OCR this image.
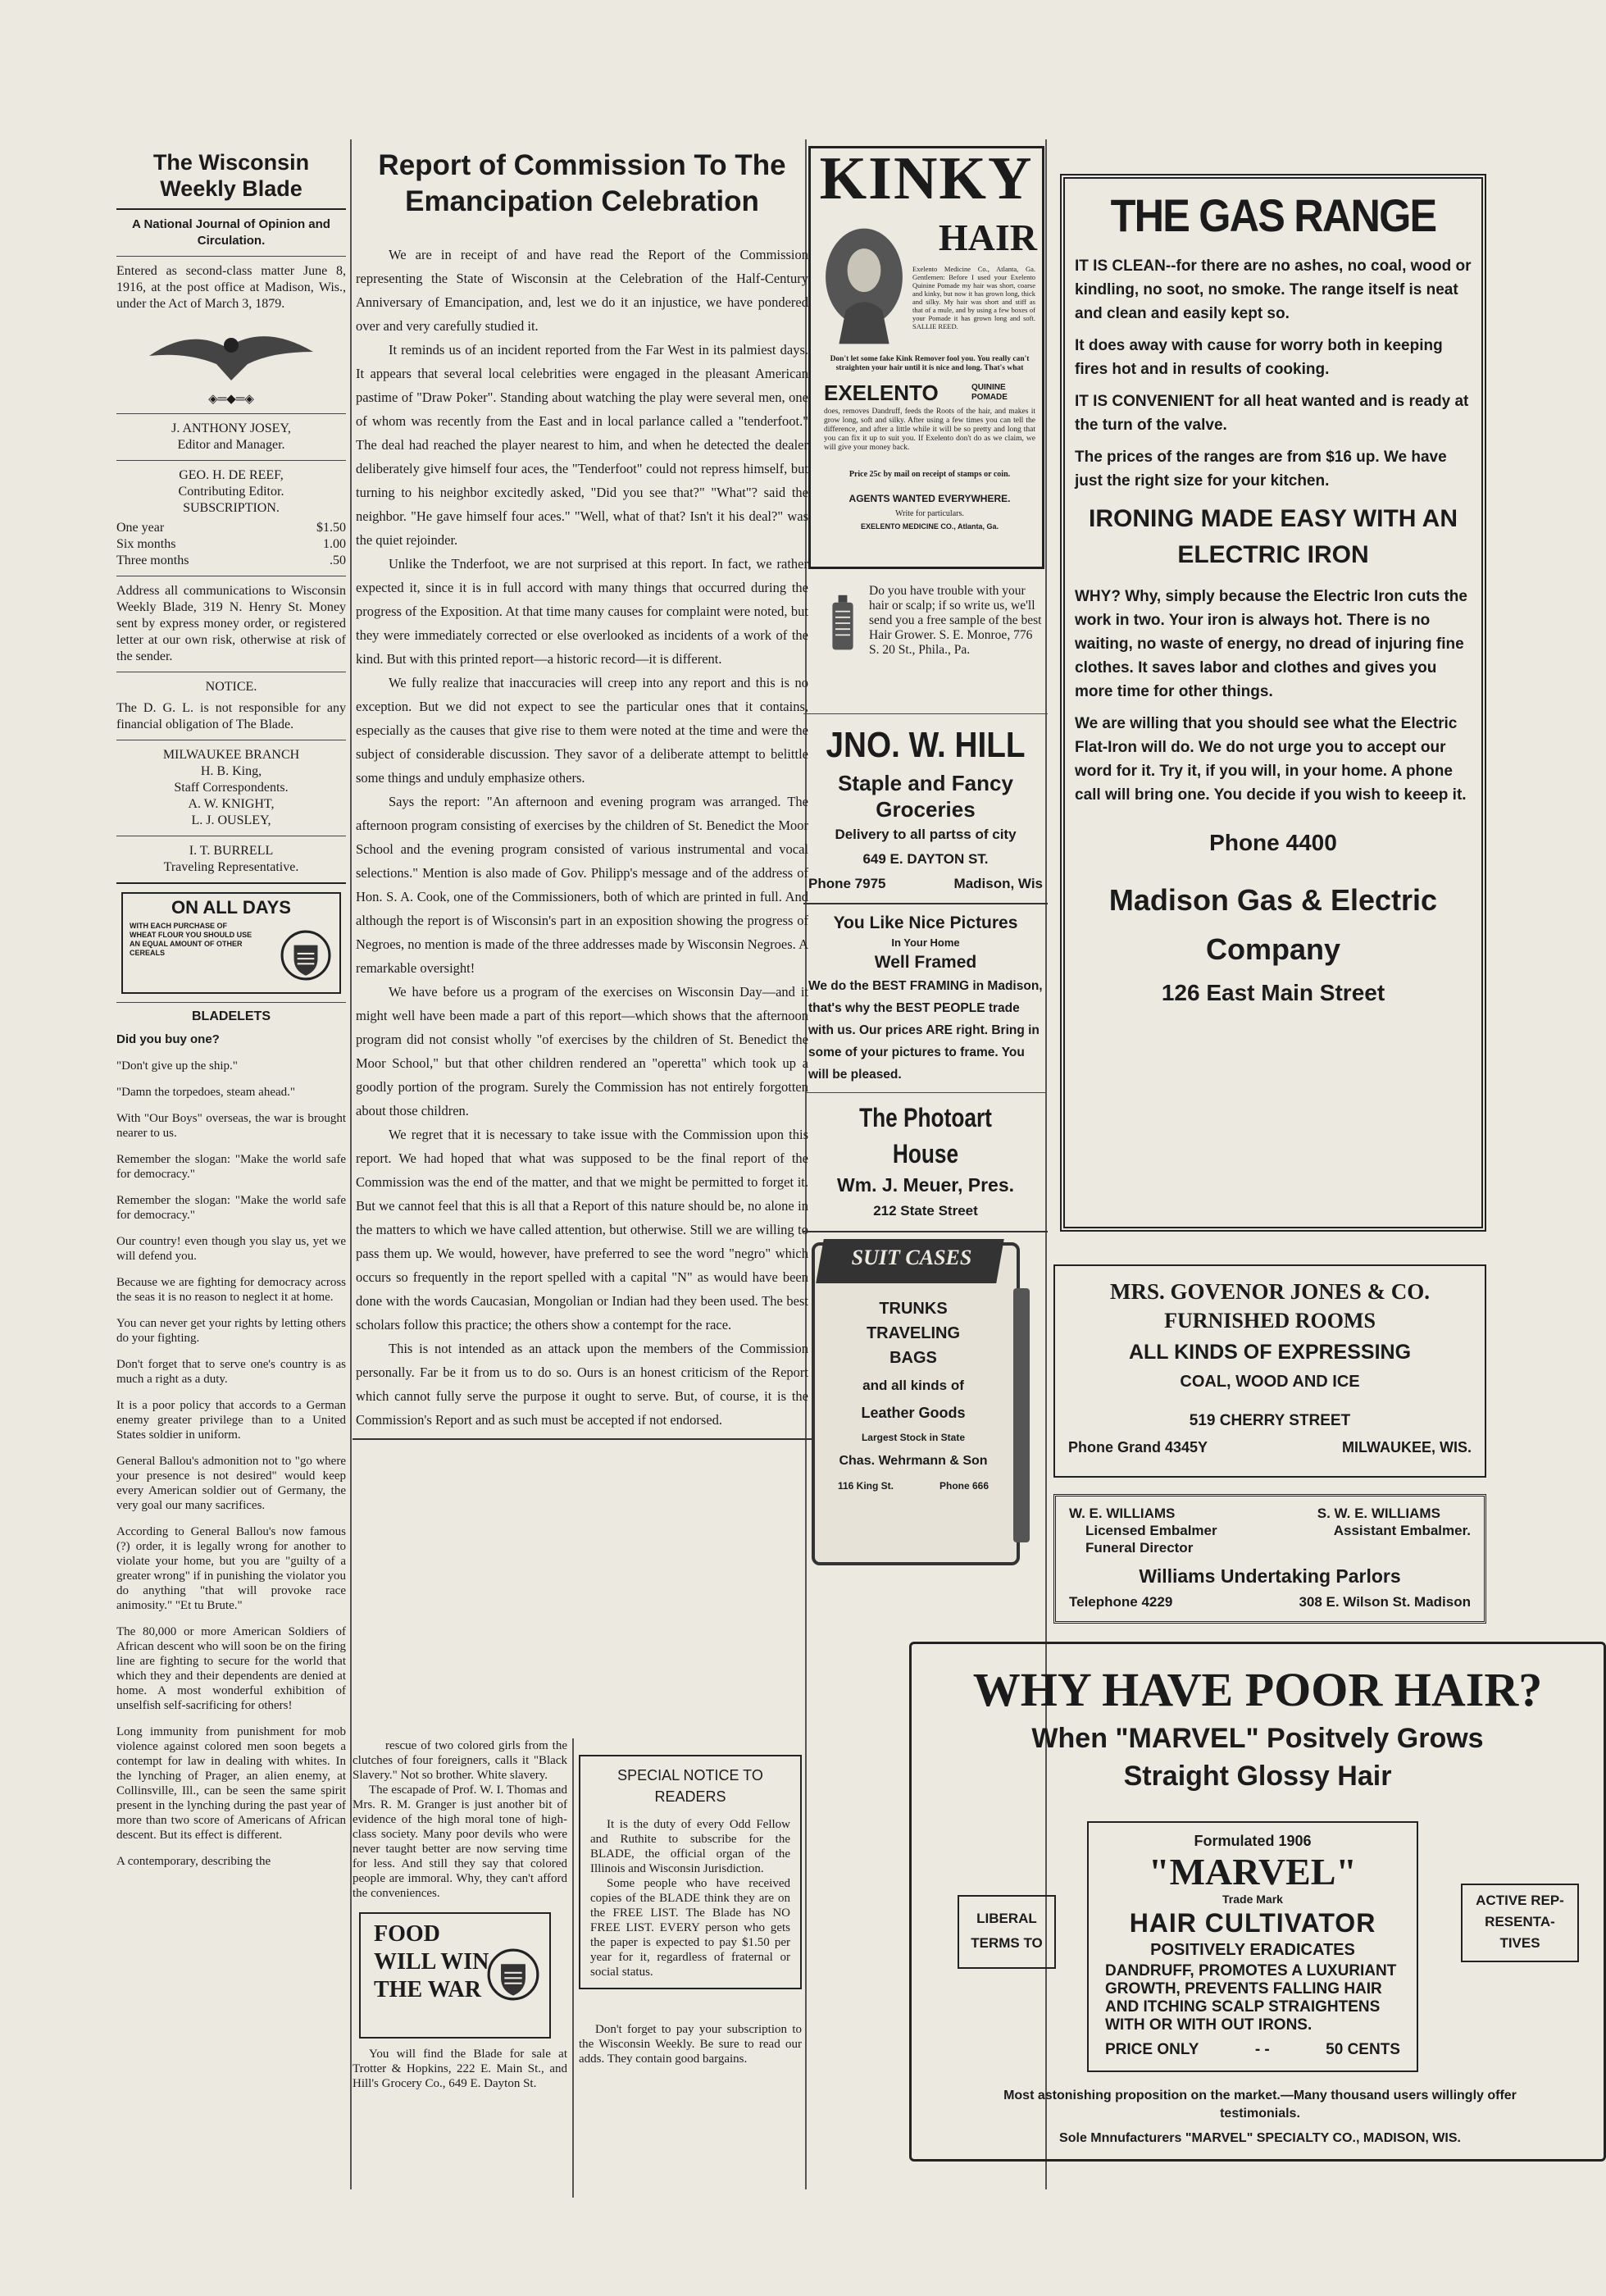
The Wisconsin Weekly Blade
A National Journal of Opinion and Circulation.
Entered as second-class matter June 8, 1916, at the post office at Madison, Wis., under the Act of March 3, 1879.
◈═◆═◈
J. ANTHONY JOSEY,
Editor and Manager.
GEO. H. DE REEF,
Contributing Editor.
SUBSCRIPTION.
One year	$1.50
Six months	1.00
Three months	.50
Address all communications to Wisconsin Weekly Blade, 319 N. Henry St. Money sent by express money order, or registered letter at our own risk, otherwise at risk of the sender.
NOTICE.
The D. G. L. is not responsible for any financial obligation of The Blade.
MILWAUKEE BRANCH
H. B. King,
Staff Correspondents.
A. W. KNIGHT,
L. J. OUSLEY,
I. T. BURRELL
Traveling Representative.
ON ALL DAYS
WITH EACH PURCHASE OF WHEAT FLOUR YOU SHOULD USE AN EQUAL AMOUNT OF OTHER CEREALS
BLADELETS

Did you buy one?

"Don't give up the ship."

"Damn the torpedoes, steam ahead."

With "Our Boys" overseas, the war is brought nearer to us.

Remember the slogan: "Make the world safe for democracy."

Remember the slogan: "Make the world safe for democracy."

Our country! even though you slay us, yet we will defend you.

Because we are fighting for democracy across the seas it is no reason to neglect it at home.

You can never get your rights by letting others do your fighting.

Don't forget that to serve one's country is as much a right as a duty.

It is a poor policy that accords to a German enemy greater privilege than to a United States soldier in uniform.

General Ballou's admonition not to "go where your presence is not desired" would keep every American soldier out of Germany, the very goal our many sacrifices.

According to General Ballou's now famous (?) order, it is legally wrong for another to violate your home, but you are "guilty of a greater wrong" if in punishing the violator you do anything "that will provoke race animosity." "Et tu Brute."

The 80,000 or more American Soldiers of African descent who will soon be on the firing line are fighting to secure for the world that which they and their dependents are denied at home. A most wonderful exhibition of unselfish self-sacrificing for others!

Long immunity from punishment for mob violence against colored men soon begets a contempt for law in dealing with whites. In the lynching of Prager, an alien enemy, at Collinsville, Ill., can be seen the same spirit present in the lynching during the past year of more than two score of Americans of African descent. But its effect is different.

A contemporary, describing the

Report of Commission To The Emancipation Celebration

We are in receipt of and have read the Report of the Commission representing the State of Wisconsin at the Celebration of the Half-Century Anniversary of Emancipation, and, lest we do it an injustice, we have pondered over and very carefully studied it.

It reminds us of an incident reported from the Far West in its palmiest days. It appears that several local celebrities were engaged in the pleasant American pastime of "Draw Poker". Standing about watching the play were several men, one of whom was recently from the East and in local parlance called a "tenderfoot." The deal had reached the player nearest to him, and when he detected the dealer deliberately give himself four aces, the "Tenderfoot" could not repress himself, but turning to his neighbor excitedly asked, "Did you see that?" "What"? said the neighbor. "He gave himself four aces." "Well, what of that? Isn't it his deal?" was the quiet rejoinder.

Unlike the Tnderfoot, we are not surprised at this report. In fact, we rather expected it, since it is in full accord with many things that occurred during the progress of the Exposition. At that time many causes for complaint were noted, but they were immediately corrected or else overlooked as incidents of a work of the kind. But with this printed report—a historic record—it is different.

We fully realize that inaccuracies will creep into any report and this is no exception. But we did not expect to see the particular ones that it contains, especially as the causes that give rise to them were noted at the time and were the subject of considerable discussion. They savor of a deliberate attempt to belittle some things and unduly emphasize others.

Says the report: "An afternoon and evening program was arranged. The afternoon program consisting of exercises by the children of St. Benedict the Moor School and the evening program consisted of various instrumental and vocal selections." Mention is also made of Gov. Philipp's message and of the address of Hon. S. A. Cook, one of the Commissioners, both of which are printed in full. And although the report is of Wisconsin's part in an exposition showing the progress of Negroes, no mention is made of the three addresses made by Wisconsin Negroes. A remarkable oversight!

We have before us a program of the exercises on Wisconsin Day—and it might well have been made a part of this report—which shows that the afternoon program did not consist wholly "of exercises by the children of St. Benedict the Moor School," but that other children rendered an "operetta" which took up a goodly portion of the program. Surely the Commission has not entirely forgotten about those children.

We regret that it is necessary to take issue with the Commission upon this report. We had hoped that what was supposed to be the final report of the Commission was the end of the matter, and that we might be permitted to forget it. But we cannot feel that this is all that a Report of this nature should be, no alone in the matters to which we have called attention, but otherwise. Still we are willing to pass them up. We would, however, have preferred to see the word "negro" which occurs so frequently in the report spelled with a capital "N" as would have been done with the words Caucasian, Mongolian or Indian had they been used. The best scholars follow this practice; the others show a contempt for the race.

This is not intended as an attack upon the members of the Commission personally. Far be it from us to do so. Ours is an honest criticism of the Report which cannot fully serve the purpose it ought to serve. But, of course, it is the Commission's Report and as such must be accepted if not endorsed.

rescue of two colored girls from the clutches of four foreigners, calls it "Black Slavery." Not so brother. White slavery.

The escapade of Prof. W. I. Thomas and Mrs. R. M. Granger is just another bit of evidence of the high moral tone of high-class society. Many poor devils who were never taught better are now serving time for less. And still they say that colored people are immoral. Why, they can't afford the conveniences.

FOOD
WILL WIN
THE WAR

You will find the Blade for sale at Trotter & Hopkins, 222 E. Main St., and Hill's Grocery Co., 649 E. Dayton St.

SPECIAL NOTICE TO READERS

It is the duty of every Odd Fellow and Ruthite to subscribe for the BLADE, the official organ of the Illinois and Wisconsin Jurisdiction.

Some people who have received copies of the BLADE think they are on the FREE LIST. The Blade has NO FREE LIST. EVERY person who gets the paper is expected to pay $1.50 per year for it, regardless of fraternal or social status.

Don't forget to pay your subscription to the Wisconsin Weekly. Be sure to read our adds. They contain good bargains.

KINKY
HAIR
Exelento Medicine Co., Atlanta, Ga. Gentlemen: Before I used your Exelento Quinine Pomade my hair was short, coarse and kinky, but now it has grown long, thick and silky. My hair was short and stiff as that of a mule, and by using a few boxes of your Pomade it has grown long and soft. SALLIE REED.
Don't let some fake Kink Remover fool you. You really can't straighten your hair until it is nice and long. That's what
EXELENTO	QUININE POMADE
does, removes Dandruff, feeds the Roots of the hair, and makes it grow long, soft and silky. After using a few times you can tell the difference, and after a little while it will be so pretty and long that you can fix it up to suit you. If Exelento don't do as we claim, we will give your money back.
Price 25c by mail on receipt of stamps or coin.
AGENTS WANTED EVERYWHERE.
Write for particulars.
EXELENTO MEDICINE CO., Atlanta, Ga.
Do you have trouble with your hair or scalp; if so write us, we'll send you a free sample of the best Hair Grower. S. E. Monroe, 776 S. 20 St., Phila., Pa.
JNO. W. HILL
Staple and Fancy
Groceries
Delivery to all partss of city
649 E. DAYTON ST.
Phone 7975	Madison, Wis
You Like Nice Pictures
In Your Home
Well Framed
We do the BEST FRAMING in Madison, that's why the BEST PEOPLE trade with us. Our prices ARE right. Bring in some of your pictures to frame. You will be pleased.
The Photoart House
Wm. J. Meuer, Pres.
212 State Street
SUIT CASES
TRUNKS
TRAVELING
BAGS
and all kinds of
Leather Goods
Largest Stock in State
Chas. Wehrmann & Son
116 King St.	Phone 666
THE GAS RANGE
IT IS CLEAN--for there are no ashes, no coal, wood or kindling, no soot, no smoke. The range itself is neat and clean and easily kept so.
It does away with cause for worry both in keeping fires hot and in results of cooking.
IT IS CONVENIENT for all heat wanted and is ready at the turn of the valve.
The prices of the ranges are from $16 up. We have just the right size for your kitchen.
IRONING MADE EASY WITH AN ELECTRIC IRON
WHY? Why, simply because the Electric Iron cuts the work in two. Your iron is always hot. There is no waiting, no waste of energy, no dread of injuring fine clothes. It saves labor and clothes and gives you more time for other things.
We are willing that you should see what the Electric Flat-Iron will do. We do not urge you to accept our word for it. Try it, if you will, in your home. A phone call will bring one. You decide if you wish to keeep it.
Phone 4400
Madison Gas & Electric
Company
126 East Main Street
MRS. GOVENOR JONES & CO.
FURNISHED ROOMS
ALL KINDS OF EXPRESSING
COAL, WOOD AND ICE
519 CHERRY STREET
Phone Grand 4345Y	MILWAUKEE, WIS.
W. E. WILLIAMS
Licensed Embalmer
Funeral Director
S. W. E. WILLIAMS
Assistant Embalmer.
Williams Undertaking Parlors
Telephone 4229	308 E. Wilson St. Madison
WHY HAVE POOR HAIR?
When "MARVEL" Positvely Grows
Straight Glossy Hair
Formulated 1906
"MARVEL"
Trade Mark
HAIR CULTIVATOR
POSITIVELY ERADICATES
DANDRUFF, PROMOTES A LUXURIANT GROWTH, PREVENTS FALLING HAIR AND ITCHING SCALP STRAIGHTENS WITH OR WITH OUT IRONS.
PRICE ONLY	- -	50 CENTS
LIBERAL
TERMS TO
ACTIVE REP-
RESENTA-
TIVES
Most astonishing proposition on the market.—Many thousand users willingly offer testimonials.
Sole Mnnufacturers "MARVEL" SPECIALTY CO., MADISON, WIS.
